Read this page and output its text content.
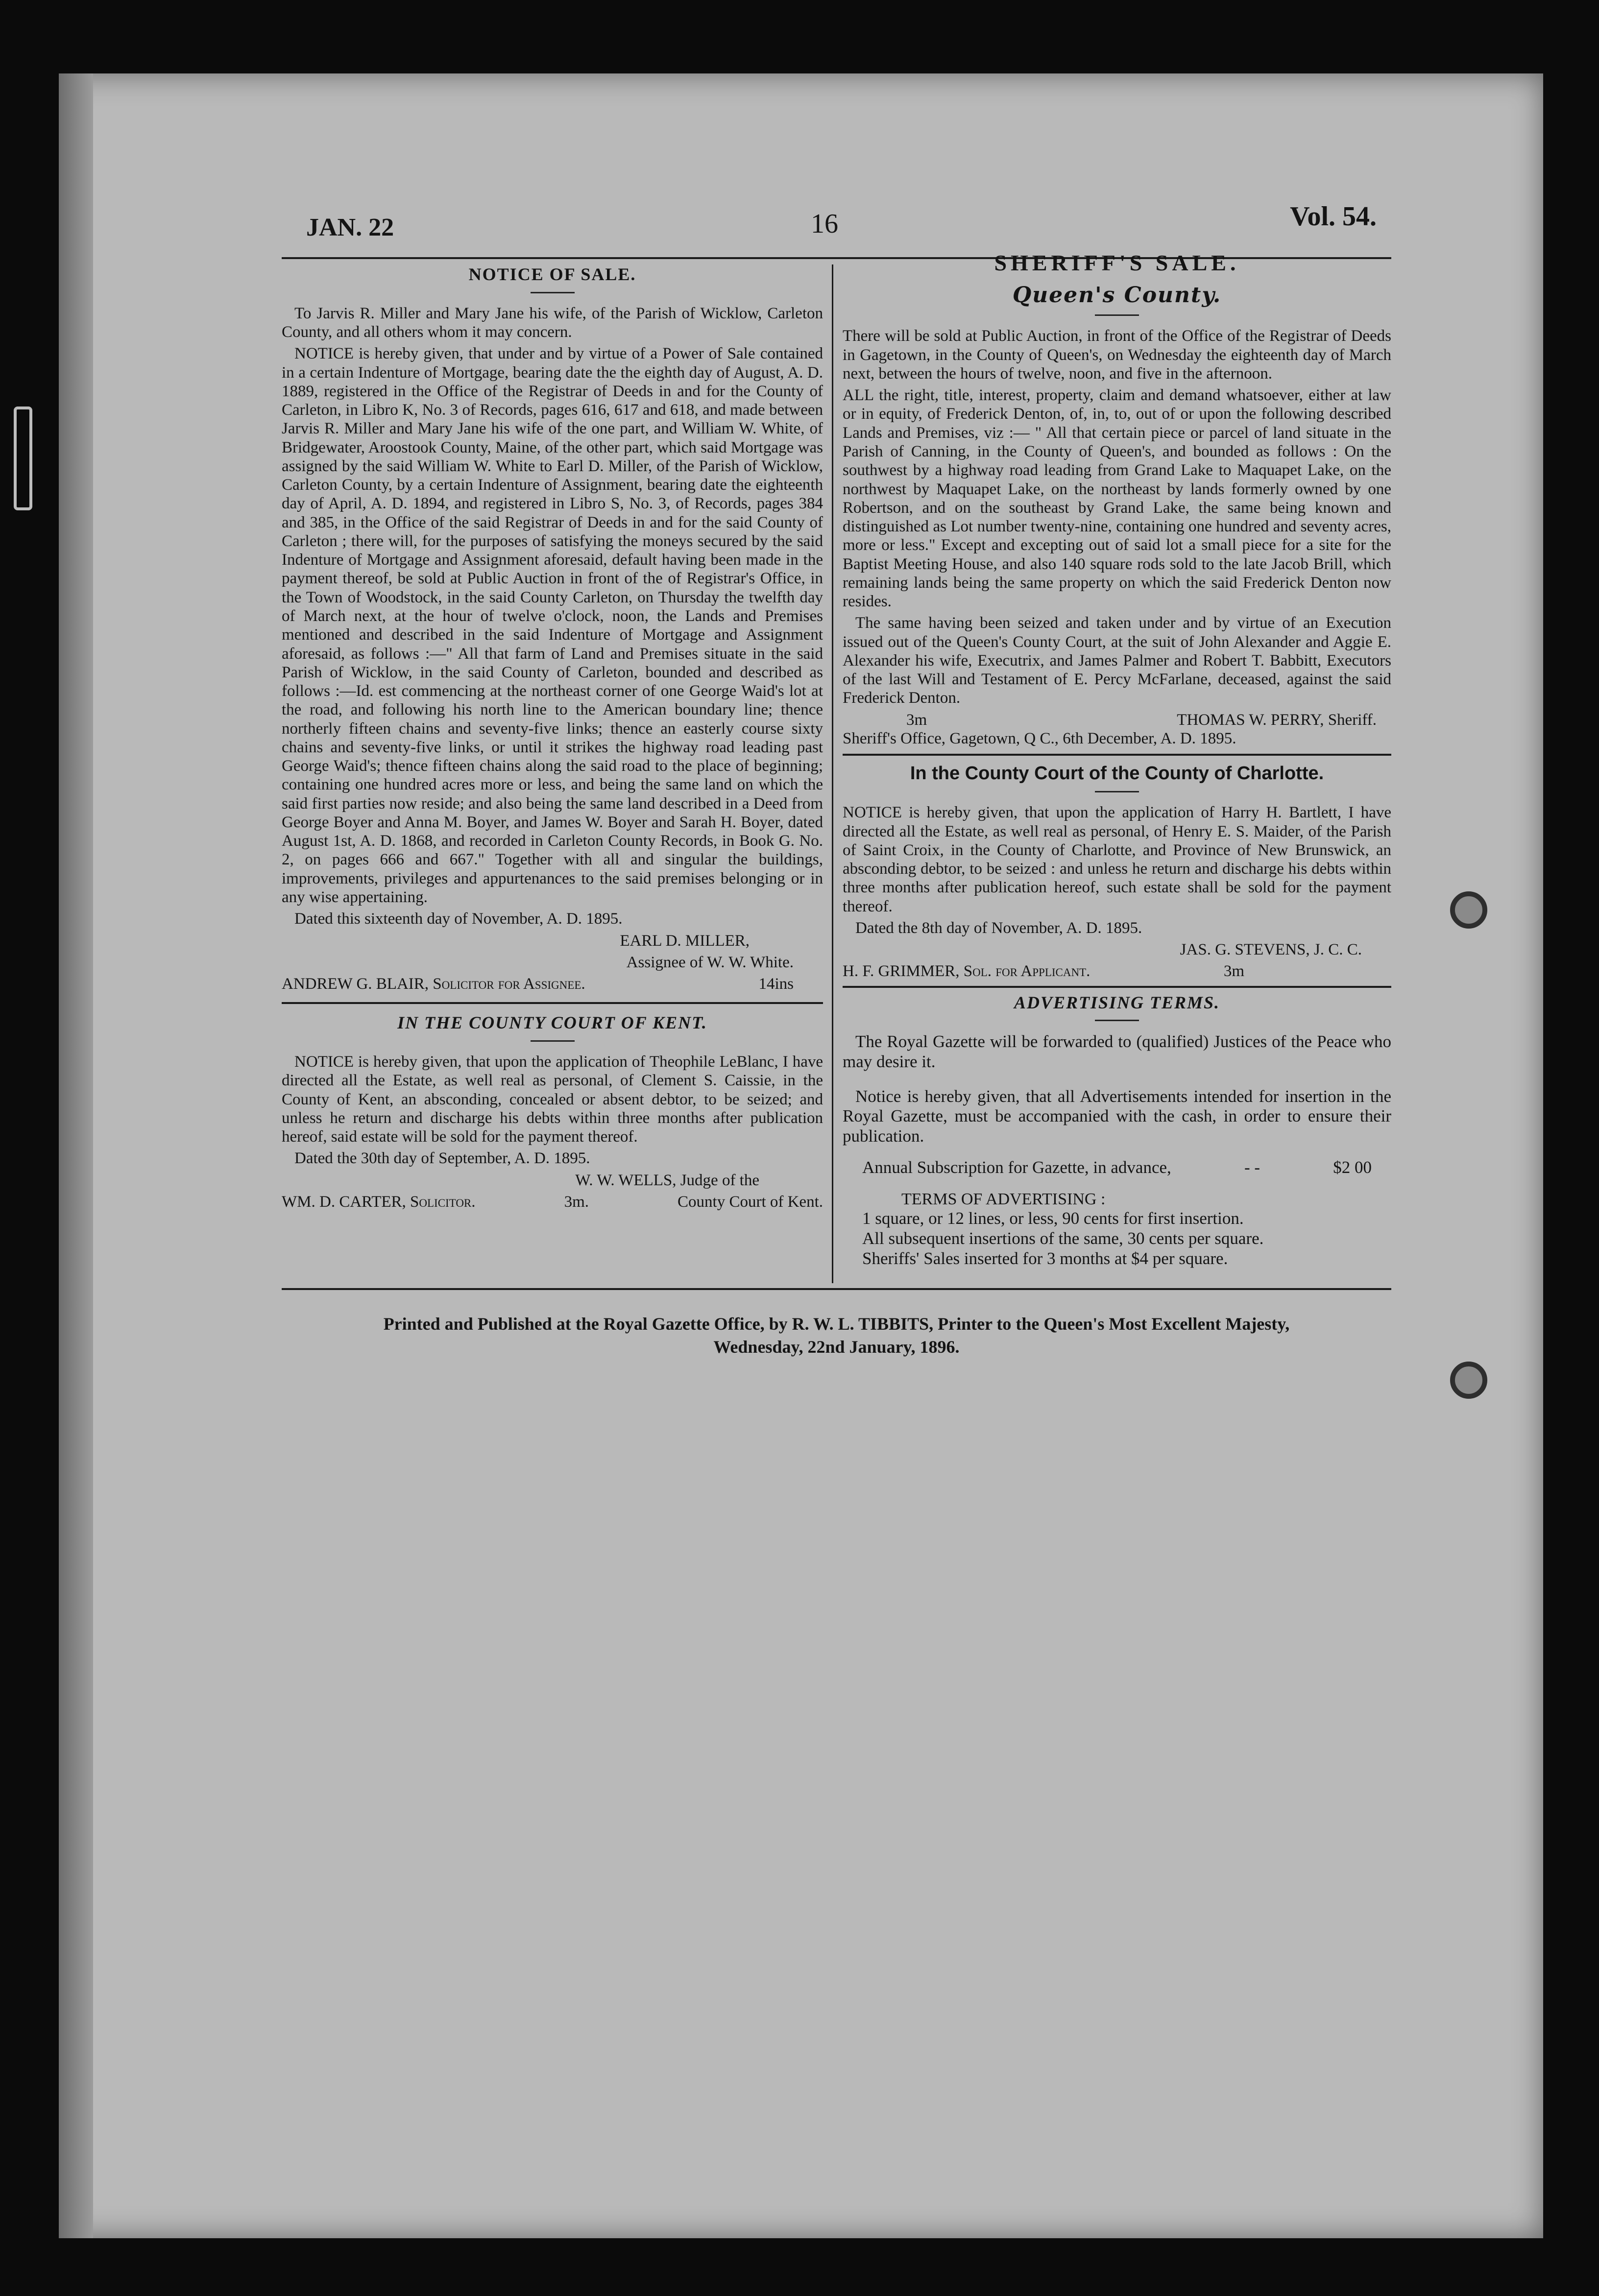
JAN. 22	16	Vol. 54.
NOTICE OF SALE.

To Jarvis R. Miller and Mary Jane his wife, of the Parish of Wicklow, Carleton County, and all others whom it may concern.

NOTICE is hereby given, that under and by virtue of a Power of Sale contained in a certain Indenture of Mortgage, bearing date the the eighth day of August, A. D. 1889, registered in the Office of the Registrar of Deeds in and for the County of Carleton, in Libro K, No. 3 of Records, pages 616, 617 and 618, and made between Jarvis R. Miller and Mary Jane his wife of the one part, and William W. White, of Bridgewater, Aroostook County, Maine, of the other part, which said Mortgage was assigned by the said William W. White to Earl D. Miller, of the Parish of Wicklow, Carleton County, by a certain Indenture of Assignment, bearing date the eighteenth day of April, A. D. 1894, and registered in Libro S, No. 3, of Records, pages 384 and 385, in the Office of the said Registrar of Deeds in and for the said County of Carleton ; there will, for the purposes of satisfying the moneys secured by the said Indenture of Mortgage and Assignment aforesaid, default having been made in the payment thereof, be sold at Public Auction in front of the of Registrar's Office, in the Town of Woodstock, in the said County Carleton, on Thursday the twelfth day of March next, at the hour of twelve o'clock, noon, the Lands and Premises mentioned and described in the said Indenture of Mortgage and Assignment aforesaid, as follows :—" All that farm of Land and Premises situate in the said Parish of Wicklow, in the said County of Carleton, bounded and described as follows :—Id. est commencing at the northeast corner of one George Waid's lot at the road, and following his north line to the American boundary line; thence northerly fifteen chains and seventy-five links; thence an easterly course sixty chains and seventy-five links, or until it strikes the highway road leading past George Waid's; thence fifteen chains along the said road to the place of beginning; containing one hundred acres more or less, and being the same land on which the said first parties now reside; and also being the same land described in a Deed from George Boyer and Anna M. Boyer, and James W. Boyer and Sarah H. Boyer, dated August 1st, A. D. 1868, and recorded in Carleton County Records, in Book G. No. 2, on pages 666 and 667." Together with all and singular the buildings, improvements, privileges and appurtenances to the said premises belonging or in any wise appertaining.

Dated this sixteenth day of November, A. D. 1895.

EARL D. MILLER,

Assignee of W. W. White.

ANDREW G. BLAIR, Solicitor for Assignee.	14ins
IN THE COUNTY COURT OF KENT.

NOTICE is hereby given, that upon the application of Theophile LeBlanc, I have directed all the Estate, as well real as personal, of Clement S. Caissie, in the County of Kent, an absconding, concealed or absent debtor, to be seized; and unless he return and discharge his debts within three months after publication hereof, said estate will be sold for the payment thereof.

Dated the 30th day of September, A. D. 1895.

W. W. WELLS, Judge of the

WM. D. CARTER, Solicitor.	3m.	County Court of Kent.
SHERIFF'S SALE.
Queen's County.

There will be sold at Public Auction, in front of the Office of the Registrar of Deeds in Gagetown, in the County of Queen's, on Wednesday the eighteenth day of March next, between the hours of twelve, noon, and five in the afternoon.

ALL the right, title, interest, property, claim and demand whatsoever, either at law or in equity, of Frederick Denton, of, in, to, out of or upon the following described Lands and Premises, viz :— " All that certain piece or parcel of land situate in the Parish of Canning, in the County of Queen's, and bounded as follows : On the southwest by a highway road leading from Grand Lake to Maquapet Lake, on the northwest by Maquapet Lake, on the northeast by lands formerly owned by one Robertson, and on the southeast by Grand Lake, the same being known and distinguished as Lot number twenty-nine, containing one hundred and seventy acres, more or less." Except and excepting out of said lot a small piece for a site for the Baptist Meeting House, and also 140 square rods sold to the late Jacob Brill, which remaining lands being the same property on which the said Frederick Denton now resides.

The same having been seized and taken under and by virtue of an Execution issued out of the Queen's County Court, at the suit of John Alexander and Aggie E. Alexander his wife, Executrix, and James Palmer and Robert T. Babbitt, Executors of the last Will and Testament of E. Percy McFarlane, deceased, against the said Frederick Denton.

3m	THOMAS W. PERRY, Sheriff.

Sheriff's Office, Gagetown, Q C., 6th December, A. D. 1895.

In the County Court of the County of Charlotte.

NOTICE is hereby given, that upon the application of Harry H. Bartlett, I have directed all the Estate, as well real as personal, of Henry E. S. Maider, of the Parish of Saint Croix, in the County of Charlotte, and Province of New Brunswick, an absconding debtor, to be seized : and unless he return and discharge his debts within three months after publication hereof, such estate shall be sold for the payment thereof.

Dated the 8th day of November, A. D. 1895.

JAS. G. STEVENS, J. C. C.

H. F. GRIMMER, Sol. for Applicant.	3m
ADVERTISING TERMS.

The Royal Gazette will be forwarded to (qualified) Justices of the Peace who may desire it.

Notice is hereby given, that all Advertisements intended for insertion in the Royal Gazette, must be accompanied with the cash, in order to ensure their publication.

Annual Subscription for Gazette, in advance,	- -	$2 00
TERMS OF ADVERTISING :
1 square, or 12 lines, or less, 90 cents for first insertion.
All subsequent insertions of the same, 30 cents per square.
Sheriffs' Sales inserted for 3 months at $4 per square.
Printed and Published at the Royal Gazette Office, by R. W. L. TIBBITS, Printer to the Queen's Most Excellent Majesty,
Wednesday, 22nd January, 1896.
